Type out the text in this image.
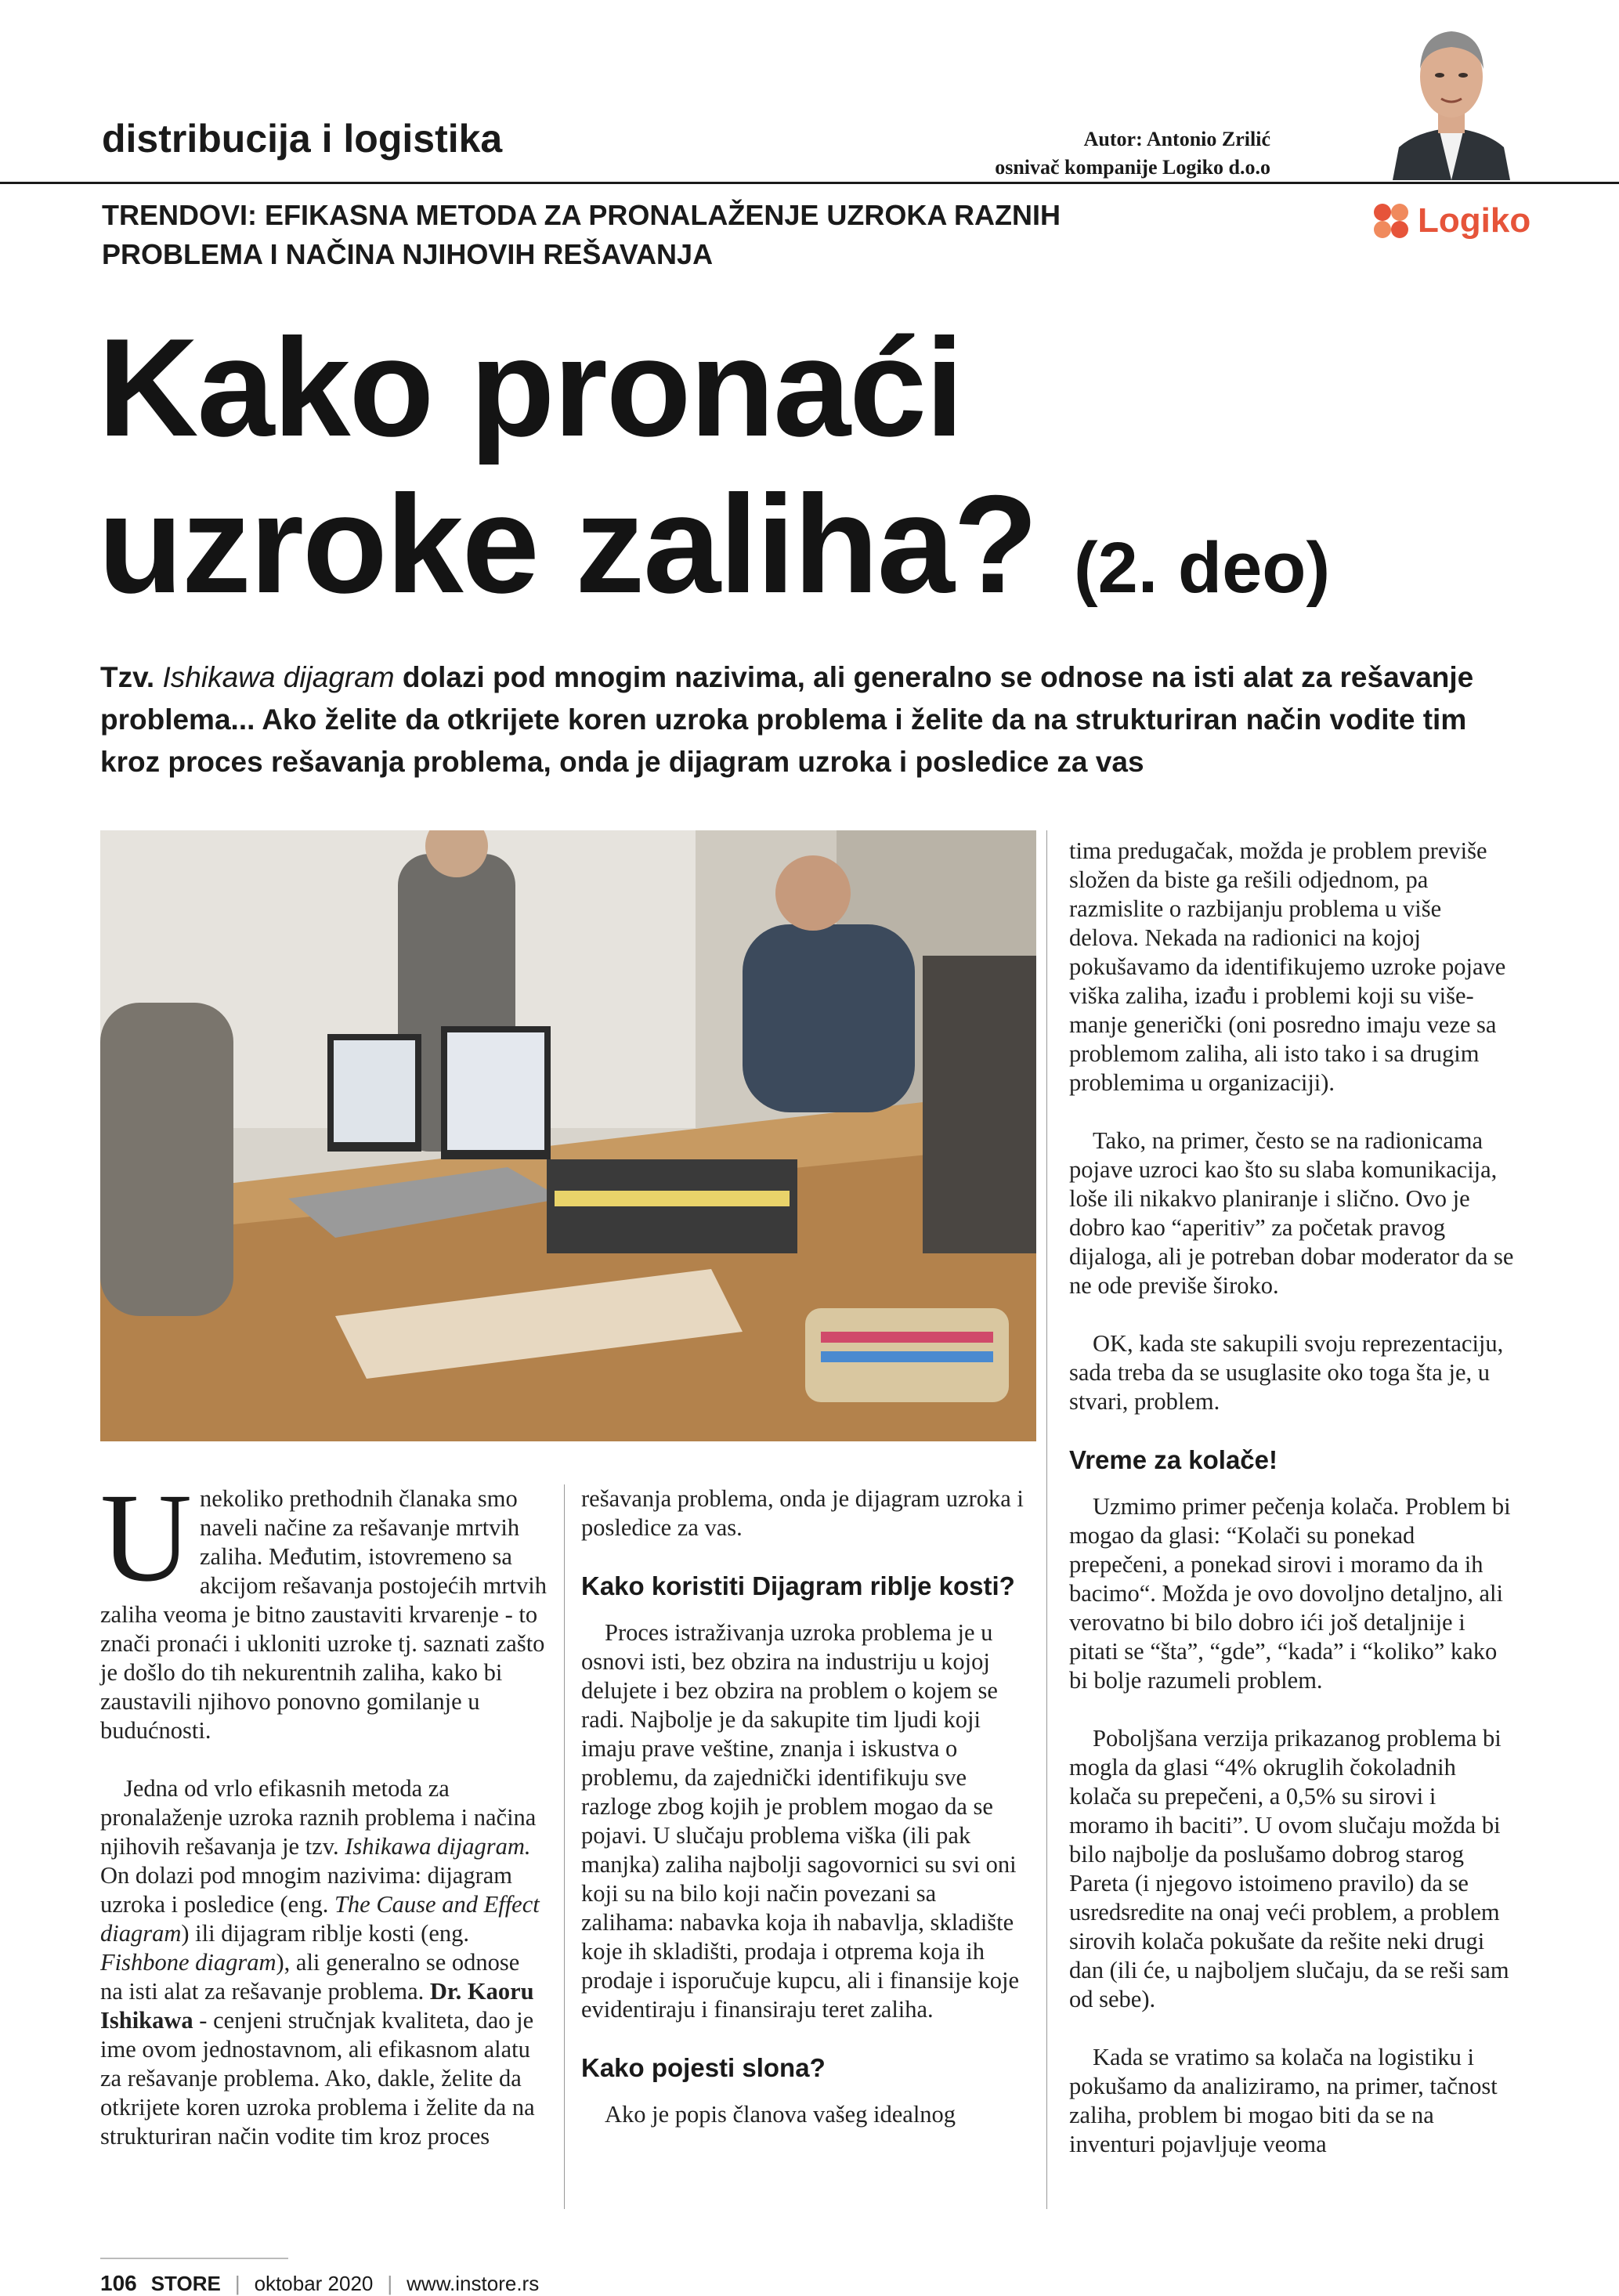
distribucija i logistika	Autor: Antonio Zrilić
osnivač kompanije Logiko d.o.o
Logiko
TRENDOVI: EFIKASNA METODA ZA PRONALAŽENJE UZROKA RAZNIH
PROBLEMA I NAČINA NJIHOVIH REŠAVANJA
Kako pronaći
uzroke zaliha? (2. deo)
Tzv. Ishikawa dijagram dolazi pod mnogim nazivima, ali generalno se odnose na isti alat za rešavanje problema... Ako želite da otkrijete koren uzroka problema i želite da na strukturiran način vodite tim kroz proces rešavanja problema, onda je dijagram uzroka i posledice za vas

Unekoliko prethodnih članaka smo naveli načine za rešavanje mrtvih zaliha. Međutim, istovremeno sa akcijom rešavanja postojećih mrtvih zaliha veoma je bitno zaustaviti krvarenje - to znači pronaći i ukloniti uzroke tj. saznati zašto je došlo do tih nekurentnih zaliha, kako bi zaustavili njihovo ponovno gomilanje u budućnosti.

Jedna od vrlo efikasnih metoda za pronalaženje uzroka raznih problema i načina njihovih rešavanja je tzv. Ishikawa dijagram. On dolazi pod mnogim nazivima: dijagram uzroka i posledice (eng. The Cause and Effect diagram) ili dijagram riblje kosti (eng. Fishbone diagram), ali generalno se odnose na isti alat za rešavanje problema. Dr. Kaoru Ishikawa - cenjeni stručnjak kvaliteta, dao je ime ovom jednostavnom, ali efikasnom alatu za rešavanje problema. Ako, dakle, želite da otkrijete koren uzroka problema i želite da na strukturiran način vodite tim kroz proces

rešavanja problema, onda je dijagram uzroka i posledice za vas.

Kako koristiti Dijagram riblje kosti?

Proces istraživanja uzroka problema je u osnovi isti, bez obzira na industriju u kojoj delujete i bez obzira na problem o kojem se radi. Najbolje je da sakupite tim ljudi koji imaju prave veštine, znanja i iskustva o problemu, da zajednički identifikuju sve razloge zbog kojih je problem mogao da se pojavi. U slučaju problema viška (ili pak manjka) zaliha najbolji sagovornici su svi oni koji su na bilo koji način povezani sa zalihama: nabavka koja ih nabavlja, skladište koje ih skladišti, prodaja i otpremа koja ih prodaje i isporučuje kupcu, ali i finansije koje evidentiraju i finansiraju teret zaliha.

Kako pojesti slona?

Ako je popis članova vašeg idealnog

tima predugačak, možda je problem previše složen da biste ga rešili odjednom, pa razmislite o razbijanju problema u više delova. Nekada na radionici na kojoj pokušavamo da identifikujemo uzroke pojave viška zaliha, izađu i problemi koji su više-manje generički (oni posredno imaju veze sa problemom zaliha, ali isto tako i sa drugim problemima u organizaciji).

Tako, na primer, često se na radionicama pojave uzroci kao što su slaba komunikacija, loše ili nikakvo planiranje i slično. Ovo je dobro kao “aperitiv” za početak pravog dijaloga, ali je potreban dobar moderator da se ne ode previše široko.

OK, kada ste sakupili svoju reprezentaciju, sada treba da se usuglasite oko toga šta je, u stvari, problem.

Vreme za kolače!

Uzmimo primer pečenja kolača. Problem bi mogao da glasi: “Kolači su ponekad prepečeni, a ponekad sirovi i moramo da ih bacimo“. Možda je ovo dovoljno detaljno, ali verovatno bi bilo dobro ići još detaljnije i pitati se “šta”, “gde”, “kada” i “koliko” kako bi bolje razumeli problem.

Poboljšana verzija prikazanog problema bi mogla da glasi “4% okruglih čokoladnih kolača su prepečeni, a 0,5% su sirovi i moramo ih baciti”. U ovom slučaju možda bi bilo najbolje da poslušamo dobrog starog Pareta (i njegovo istoimeno pravilo) da se usredsredite na onaj veći problem, a problem sirovih kolača pokušate da rešite neki drugi dan (ili će, u najboljem slučaju, da se reši sam od sebe).

Kada se vratimo sa kolača na logistiku i pokušamo da analiziramo, na primer, tačnost zaliha, problem bi mogao biti da se na inventuri pojavljuje veoma

106 STORE | oktobar 2020 | www.instore.rs
